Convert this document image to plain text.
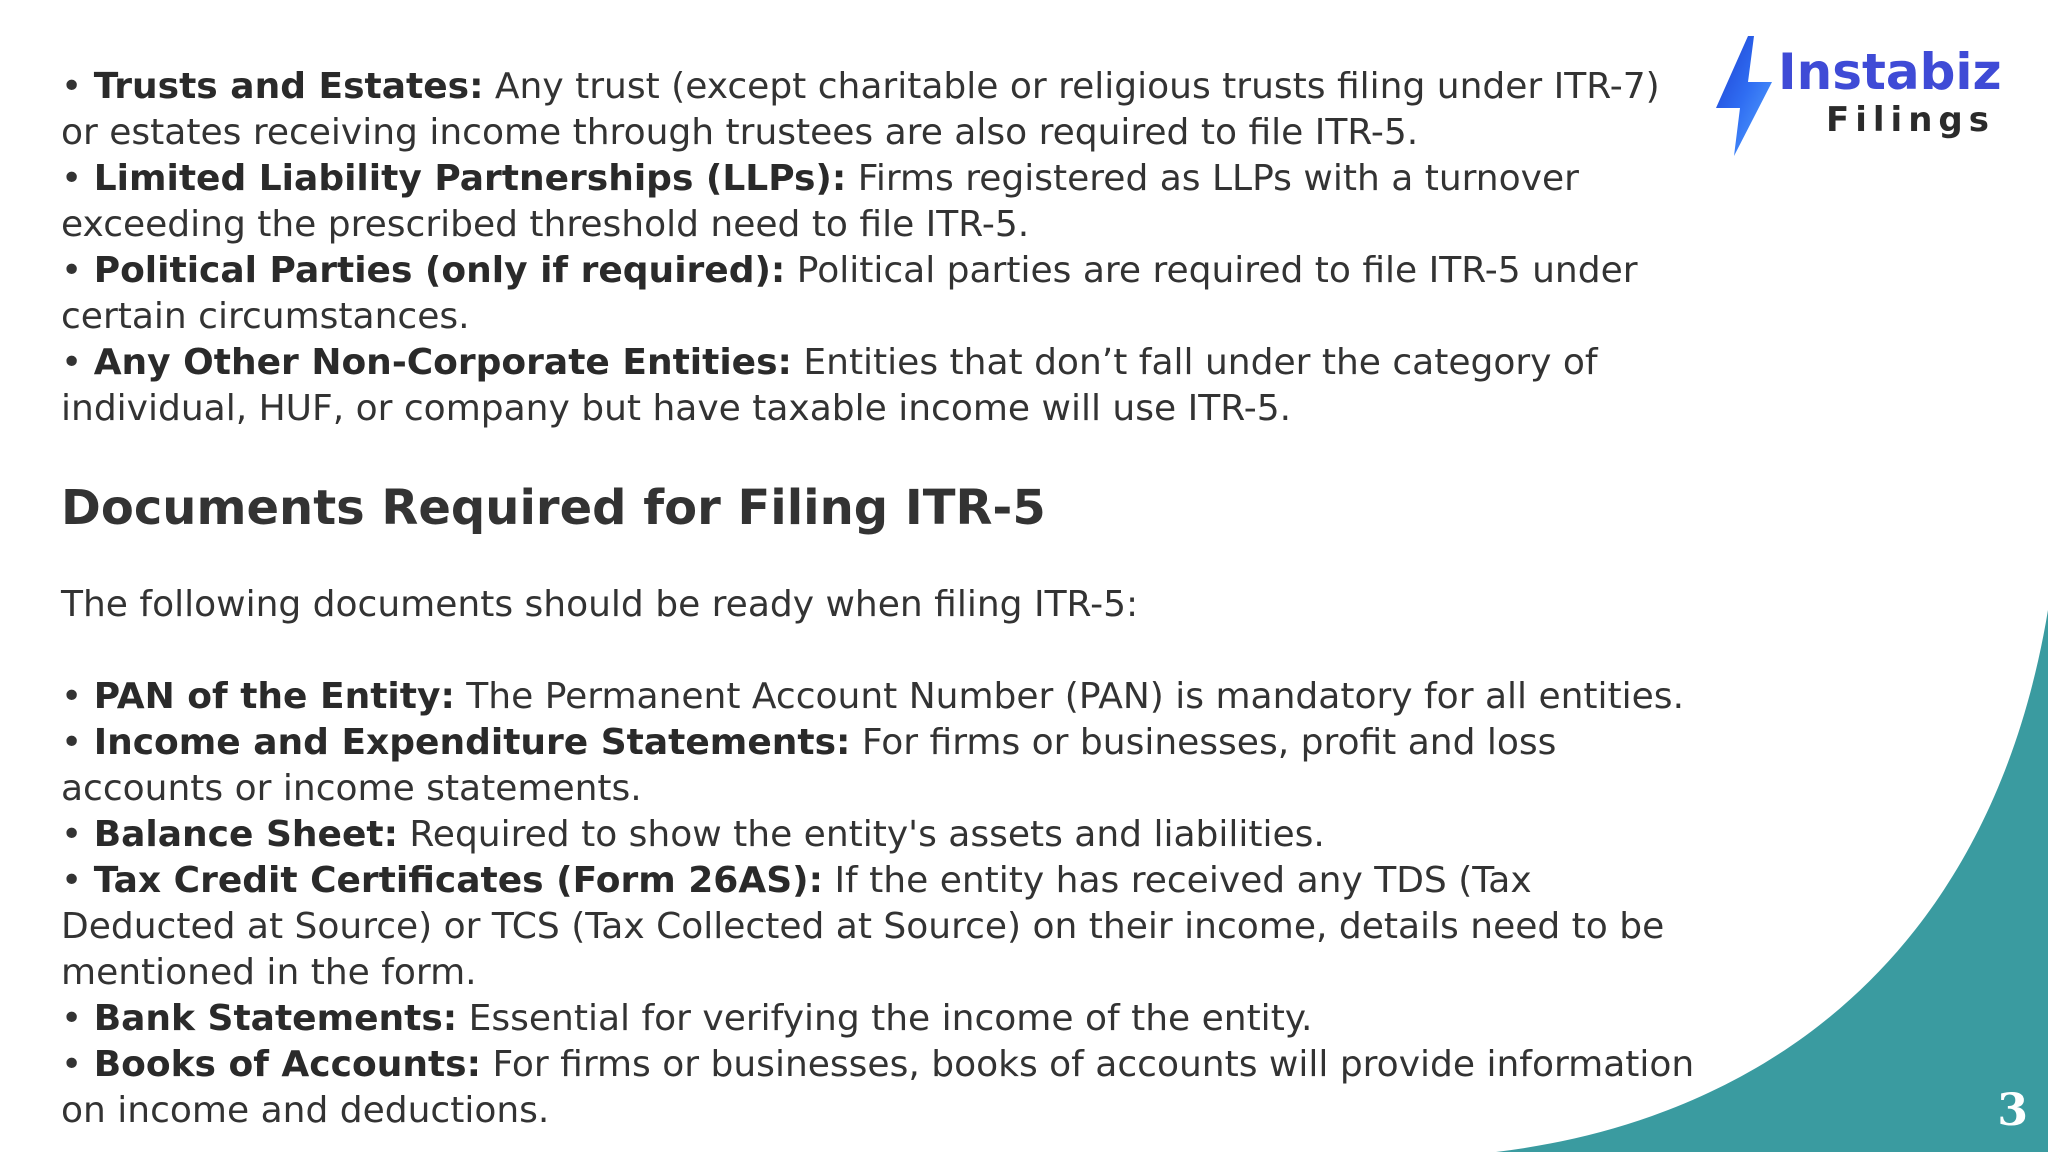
Instabiz
Filings

• Trusts and Estates: Any trust (except charitable or religious trusts filing under ITR-7) or estates receiving income through trustees are also required to file ITR-5.

• Limited Liability Partnerships (LLPs): Firms registered as LLPs with a turnover exceeding the prescribed threshold need to file ITR-5.

• Political Parties (only if required): Political parties are required to file ITR-5 under certain circumstances.

• Any Other Non-Corporate Entities: Entities that don’t fall under the category of individual, HUF, or company but have taxable income will use ITR-5.

Documents Required for Filing ITR-5

The following documents should be ready when filing ITR-5:

• PAN of the Entity: The Permanent Account Number (PAN) is mandatory for all entities.

• Income and Expenditure Statements: For firms or businesses, profit and loss accounts or income statements.

• Balance Sheet: Required to show the entity's assets and liabilities.

• Tax Credit Certificates (Form 26AS): If the entity has received any TDS (Tax Deducted at Source) or TCS (Tax Collected at Source) on their income, details need to be mentioned in the form.

• Bank Statements: Essential for verifying the income of the entity.

• Books of Accounts: For firms or businesses, books of accounts will provide information on income and deductions.	3
